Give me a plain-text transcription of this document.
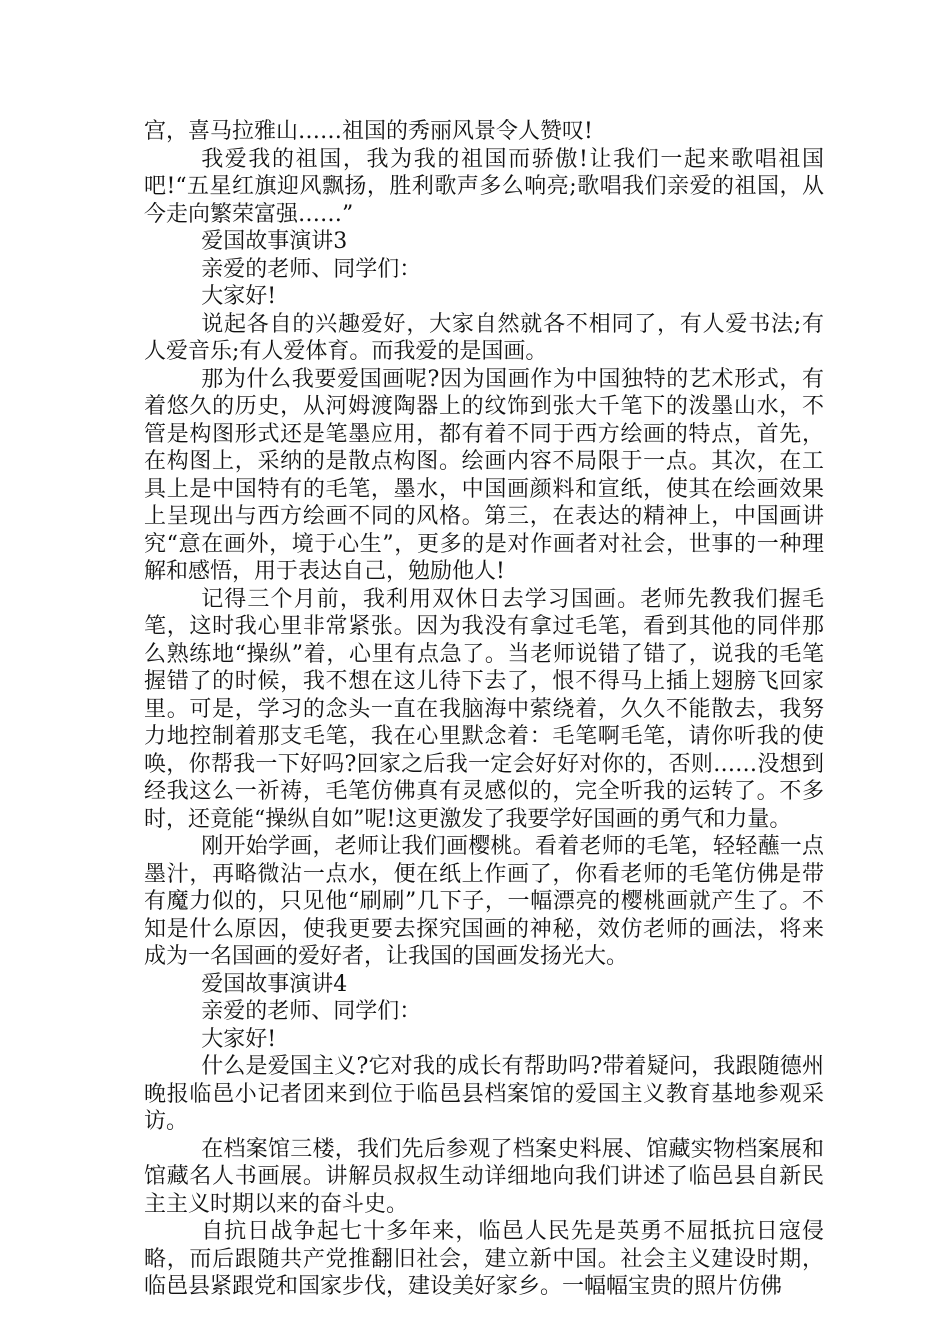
宫，喜马拉雅山……祖国的秀丽风景令人赞叹!

我爱我的祖国，我为我的祖国而骄傲!让我们一起来歌唱祖国吧!“五星红旗迎风飘扬，胜利歌声多么响亮;歌唱我们亲爱的祖国，从今走向繁荣富强……”

爱国故事演讲3

亲爱的老师、同学们：

大家好!

说起各自的兴趣爱好，大家自然就各不相同了，有人爱书法;有人爱音乐;有人爱体育。而我爱的是国画。

那为什么我要爱国画呢?因为国画作为中国独特的艺术形式，有着悠久的历史，从河姆渡陶器上的纹饰到张大千笔下的泼墨山水，不管是构图形式还是笔墨应用，都有着不同于西方绘画的特点，首先，在构图上，采纳的是散点构图。绘画内容不局限于一点。其次，在工具上是中国特有的毛笔，墨水，中国画颜料和宣纸，使其在绘画效果上呈现出与西方绘画不同的风格。第三，在表达的精神上，中国画讲究“意在画外，境于心生”，更多的是对作画者对社会，世事的一种理解和感悟，用于表达自己，勉励他人!

记得三个月前，我利用双休日去学习国画。老师先教我们握毛笔，这时我心里非常紧张。因为我没有拿过毛笔，看到其他的同伴那么熟练地“操纵”着，心里有点急了。当老师说错了错了，说我的毛笔握错了的时候，我不想在这儿待下去了，恨不得马上插上翅膀飞回家里。可是，学习的念头一直在我脑海中萦绕着，久久不能散去，我努力地控制着那支毛笔，我在心里默念着：毛笔啊毛笔，请你听我的使唤，你帮我一下好吗?回家之后我一定会好好对你的，否则……没想到经我这么一祈祷，毛笔仿佛真有灵感似的，完全听我的运转了。不多时，还竟能“操纵自如”呢!这更激发了我要学好国画的勇气和力量。

刚开始学画，老师让我们画樱桃。看着老师的毛笔，轻轻蘸一点墨汁，再略微沾一点水，便在纸上作画了，你看老师的毛笔仿佛是带有魔力似的，只见他“刷刷”几下子，一幅漂亮的樱桃画就产生了。不知是什么原因，使我更要去探究国画的神秘，效仿老师的画法，将来成为一名国画的爱好者，让我国的国画发扬光大。

爱国故事演讲4

亲爱的老师、同学们：

大家好!

什么是爱国主义?它对我的成长有帮助吗?带着疑问，我跟随德州晚报临邑小记者团来到位于临邑县档案馆的爱国主义教育基地参观采访。

在档案馆三楼，我们先后参观了档案史料展、馆藏实物档案展和馆藏名人书画展。讲解员叔叔生动详细地向我们讲述了临邑县自新民主主义时期以来的奋斗史。

自抗日战争起七十多年来，临邑人民先是英勇不屈抵抗日寇侵略，而后跟随共产党推翻旧社会，建立新中国。社会主义建设时期，临邑县紧跟党和国家步伐，建设美好家乡。一幅幅宝贵的照片仿佛
